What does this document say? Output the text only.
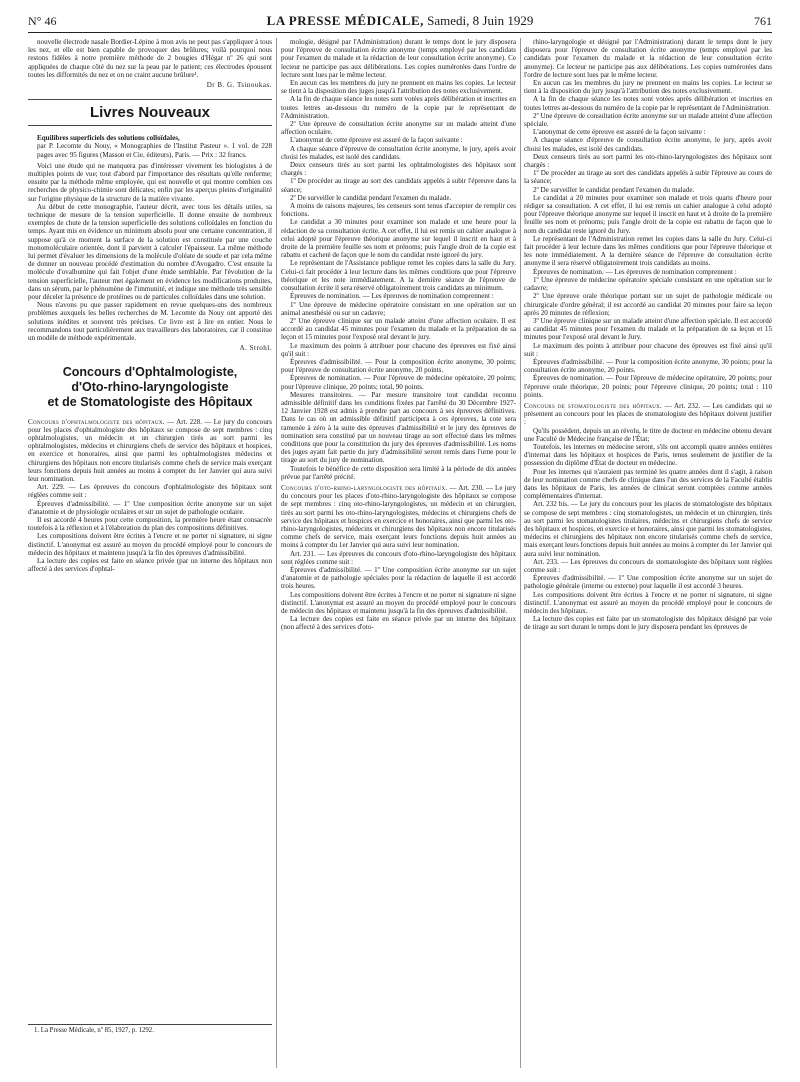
N° 46	LA PRESSE MÉDICALE, Samedi, 8 Juin 1929	761

nouvelle électrode nasale Bordier-Lépine à mon avis ne peut pas s'appliquer à tous les nez, et elle est bien capable de provoquer des brûlures; voilà pourquoi nous restons fidèles à notre première méthode de 2 bougies d'Hégar nº 26 qui sont appliquées de chaque côté du nez sur la peau par le patient; ces électrodes épousent toutes les difformités du nez et on ne craint aucune brûlure¹.

Dr B. G. Tsinoukas.
Livres Nouveaux

Equilibres superficiels des solutions colloïdales,

par P. Lecomte du Nouy, « Monographies de l'Institut Pasteur ». 1 vol. de 228 pages avec 95 figures (Masson et Cie, éditeurs), Paris. — Prix : 32 francs.

Voici une étude qui ne manquera pas d'intéresser vivement les biologistes à de multiples points de vue; tout d'abord par l'importance des résultats qu'elle renferme; ensuite par la méthode même employée, qui est nouvelle et qui montre combien ces recherches de physico-chimie sont délicates; enfin par les aperçus pleins d'originalité sur l'origine physique de la structure de la matière vivante.

Au début de cette monographie, l'auteur décrit, avec tous les détails utiles, sa technique de mesure de la tension superficielle. Il donne ensuite de nombreux exemples de chute de la tension superficielle des solutions colloïdales en fonction du temps. Ayant mis en évidence un minimum absolu pour une certaine concentration, il suppose qu'à ce moment la surface de la solution est constituée par une couche monomoléculaire orientée, dont il parvient à calculer l'épaisseur. La même méthode lui permet d'évaluer les dimensions de la molécule d'oléate de soude et par cela même de donner un nouveau procédé d'estimation du nombre d'Avogadro. C'est ensuite la molécule d'ovalbumine qui fait l'objet d'une étude semblable. Par l'évolution de la tension superficielle, l'auteur met également en évidence les modifications produites, dans un sérum, par le phénomène de l'immunité, et indique une méthode très sensible pour déceler la présence de protéines ou de particules colloïdales dans une solution.

Nous n'avons pu que passer rapidement en revue quelques-uns des nombreux problèmes auxquels les belles recherches de M. Lecomte du Nouy ont apporté des solutions inédites et souvent très précises. Ce livre est à lire en entier. Nous le recommandons tout particulièrement aux travailleurs des laboratoires, car il constitue un modèle de méthode expérimentale.

A. Strohl.
Concours d'Ophtalmologiste,
d'Oto-rhino-laryngologiste
et de Stomatologiste des Hôpitaux

Concours d'ophtalmologiste des hôpitaux. — Art. 228. — Le jury du concours pour les places d'ophtalmologiste des hôpitaux se compose de sept membres : cinq ophtalmologistes, un médecin et un chirurgien tirés au sort parmi les ophtalmologistes, médecins et chirurgiens chefs de service des hôpitaux et hospices, en exercice et honoraires, ainsi que parmi les ophtalmologistes médecins et chirurgiens des hôpitaux non encore titularisés comme chefs de service mais exerçant leurs fonctions depuis huit années au moins à compter du 1er Janvier qui aura suivi leur nomination.

Art. 229. — Les épreuves du concours d'ophtalmologiste des hôpitaux sont réglées comme suit :

Épreuves d'admissibilité. — 1º Une composition écrite anonyme sur un sujet d'anatomie et de physiologie oculaires et sur un sujet de pathologie oculaire.

Il est accordé 4 heures pour cette composition, la première heure étant consacrée toutefois à la réflexion et à l'élaboration du plan des compositions définitives.

Les compositions doivent être écrites à l'encre et ne porter ni signature, ni signe distinctif. L'anonymat est assuré au moyen du procédé employé pour le concours de médecin des hôpitaux et maintenu jusqu'à la fin des épreuves d'admissibilité.

La lecture des copies est faite en séance privée (par un interne des hôpitaux non affecté à des services d'ophtal-

mologie, désigné par l'Administration) durant le temps dont le jury disposera pour l'épreuve de consultation écrite anonyme (temps employé par les candidats pour l'examen du malade et la rédaction de leur consultation écrite anonyme). Ce lecteur ne participe pas aux délibérations. Les copies numérotées dans l'ordre de lecture sont lues par le même lecteur.

En aucun cas les membres du jury ne prennent en mains les copies. Le lecteur se tient à la disposition des juges jusqu'à l'attribution des notes exclusivement.

A la fin de chaque séance les notes sont votées après délibération et inscrites en toutes lettres au-dessous du numéro de la copie par le représentant de l'Administration.

2º Une épreuve de consultation écrite anonyme sur un malade atteint d'une affection oculaire.

L'anonymat de cette épreuve est assuré de la façon suivante :

A chaque séance d'épreuve de consultation écrite anonyme, le jury, après avoir choisi les malades, est isolé des candidats.

Deux censeurs tirés au sort parmi les ophtalmologistes des hôpitaux sont chargés :

1º De procéder au tirage au sort des candidats appelés à subir l'épreuve dans la séance;

2º De surveiller le candidat pendant l'examen du malade.

A moins de raisons majeures, les censeurs sont tenus d'accepter de remplir ces fonctions.

Le candidat a 30 minutes pour examiner son malade et une heure pour la rédaction de sa consultation écrite. A cet effet, il lui est remis un cahier analogue à celui adopté pour l'épreuve théorique anonyme sur lequel il inscrit en haut et à droite de la première feuille ses nom et prénoms; puis l'angle droit de la copie est rabattu et cacheté de façon que le nom du candidat reste ignoré du jury.

Le représentant de l'Assistance publique remet les copies dans la salle du Jury. Celui-ci fait procéder à leur lecture dans les mêmes conditions que pour l'épreuve théorique et les note immédiatement. A la dernière séance de l'épreuve de consultation écrite il sera réservé obligatoirement trois candidats au minimum.

Épreuves de nomination. — Les épreuves de nomination comprennent :

1º Une épreuve de médecine opératoire consistant en une opération sur un animal anesthésié ou sur un cadavre;

2º Une épreuve clinique sur un malade atteint d'une affection oculaire. Il est accordé au candidat 45 minutes pour l'examen du malade et la préparation de sa leçon et 15 minutes pour l'exposé oral devant le jury.

Le maximum des points à attribuer pour chacune des épreuves est fixé ainsi qu'il suit :

Épreuves d'admissibilité. — Pour la composition écrite anonyme, 30 points; pour l'épreuve de consultation écrite anonyme, 20 points.

Épreuves de nomination. — Pour l'épreuve de médecine opératoire, 20 points; pour l'épreuve clinique, 20 points; total, 90 points.

Mesures transitoires. — Par mesure transitoire tout candidat reconnu admissible définitif dans les conditions fixées par l'arrêté du 30 Décembre 1927-12 Janvier 1928 est admis à prendre part au concours à ses épreuves définitives. Dans le cas où un admissible définitif participera à ces épreuves, la cote sera ramenée à zéro à la suite des épreuves d'admissibilité et le jury des épreuves de nomination sera constitué par un nouveau tirage au sort effectué dans les mêmes conditions que pour la constitution du jury des épreuves d'admissibilité. Les noms des juges ayant fait partie du jury d'admissibilité seront remis dans l'urne pour le tirage au sort du jury de nomination.

Toutefois le bénéfice de cette disposition sera limité à la période de dix années prévue par l'arrêté précité.

Concours d'oto-rhino-laryngologiste des hôpitaux. — Art. 230. — Le jury du concours pour les places d'oto-rhino-laryngologiste des hôpitaux se compose de sept membres : cinq oto-rhino-laryngologistes, un médecin et un chirurgien, tirés au sort parmi les oto-rhino-laryngologistes, médecins et chirurgiens chefs de service des hôpitaux et hospices en exercice et honoraires, ainsi que parmi les oto-rhino-laryngologistes, médecins et chirurgiens des hôpitaux non encore titularisés comme chefs de service, mais exerçant leurs fonctions depuis huit années au moins à compter du 1er Janvier qui aura suivi leur nomination.

Art. 231. — Les épreuves du concours d'oto-rhino-laryngologiste des hôpitaux sont réglées comme suit :

Épreuves d'admissibilité. — 1º Une composition écrite anonyme sur un sujet d'anatomie et de pathologie spéciales pour la rédaction de laquelle il est accordé trois heures.

Les compositions doivent être écrites à l'encre et ne porter ni signature ni signe distinctif. L'anonymat est assuré au moyen du procédé employé pour le concours de médecin des hôpitaux et maintenu jusqu'à la fin des épreuves d'admissibilité.

La lecture des copies est faite en séance privée par un interne des hôpitaux (non affecté à des services d'oto-

rhino-laryngologie et désigné par l'Administration) durant le temps dont le jury disposera pour l'épreuve de consultation écrite anonyme (temps employé par les candidats pour l'examen du malade et la rédaction de leur consultation écrite anonyme). Ce lecteur ne participe pas aux délibérations. Les copies numérotées dans l'ordre de lecture sont lues par le même lecteur.

En aucun cas les membres du jury ne prennent en mains les copies. Le lecteur se tient à la disposition du jury jusqu'à l'attribution des notes exclusivement.

A la fin de chaque séance les notes sont votées après délibération et inscrites en toutes lettres au-dessous du numéro de la copie par le représentant de l'Administration.

2º Une épreuve de consultation écrite anonyme sur un malade atteint d'une affection spéciale.

L'anonymat de cette épreuve est assuré de la façon suivante :

A chaque séance d'épreuve de consultation écrite anonyme, le jury, après avoir choisi les malades, est isolé des candidats.

Deux censeurs tirés au sort parmi les oto-rhino-laryngologistes des hôpitaux sont chargés :

1º De procéder au tirage au sort des candidats appelés à subir l'épreuve au cours de la séance;

2º De surveiller le candidat pendant l'examen du malade.

Le candidat a 20 minutes pour examiner son malade et trois quarts d'heure pour rédiger sa consultation. A cet effet, il lui est remis un cahier analogue à celui adopté pour l'épreuve théorique anonyme sur lequel il inscrit en haut et à droite de la première feuille ses nom et prénoms; puis l'angle droit de la copie est rabattu de façon que le nom du candidat reste ignoré du Jury.

Le représentant de l'Administration remet les copies dans la salle du Jury. Celui-ci fait procéder à leur lecture dans les mêmes conditions que pour l'épreuve théorique et les note immédiatement. A la dernière séance de l'épreuve de consultation écrite anonyme il sera réservé obligatoirement trois candidats au moins.

Épreuves de nomination. — Les épreuves de nomination comprennent :

1º Une épreuve de médecine opératoire spéciale consistant en une opération sur le cadavre;

2º Une épreuve orale théorique portant sur un sujet de pathologie médicale ou chirurgicale d'ordre général; il est accordé au candidat 20 minutes pour faire sa leçon après 20 minutes de réflexion;

3º Une épreuve clinique sur un malade atteint d'une affection spéciale. Il est accordé au candidat 45 minutes pour l'examen du malade et la préparation de sa leçon et 15 minutes pour l'exposé oral devant le Jury.

Le maximum des points à attribuer pour chacune des épreuves est fixé ainsi qu'il suit :

Épreuves d'admissibilité. — Pour la composition écrite anonyme, 30 points; pour la consultation écrite anonyme, 20 points.

Épreuves de nomination. — Pour l'épreuve de médecine opératoire, 20 points; pour l'épreuve orale théorique, 20 points; pour l'épreuve clinique, 20 points; total : 110 points.

Concours de stomatologiste des hôpitaux. — Art. 232. — Les candidats qui se présentent au concours pour les places de stomatologiste des hôpitaux doivent justifier :

Qu'ils possèdent, depuis un an révolu, le titre de docteur en médecine obtenu devant une Faculté de Médecine française de l'État;

Toutefois, les internes en médecine seront, s'ils ont accompli quatre années entières d'internat dans les hôpitaux et hospices de Paris, tenus seulement de justifier de la possession du diplôme d'État de docteur en médecine.

Pour les internes qui n'auraient pas terminé les quatre années dont il s'agit, à raison de leur nomination comme chefs de clinique dans l'un des services de la Faculté établis dans les hôpitaux de Paris, les années de clinicat seront comptées comme années complémentaires d'internat.

Art. 232 bis. — Le jury du concours pour les places de stomatologiste des hôpitaux se compose de sept membres : cinq stomatologistes, un médecin et un chirurgien, tirés au sort parmi les stomatologistes titulaires, médecins et chirurgiens chefs de service des hôpitaux et hospices, en exercice et honoraires, ainsi que parmi les stomatologistes, médecins et chirurgiens des hôpitaux non encore titularisés comme chefs de service, mais exerçant leurs fonctions depuis huit années au moins à compter du 1er Janvier qui aura suivi leur nomination.

Art. 233. — Les épreuves du concours de stomatologiste des hôpitaux sont réglées comme suit :

Épreuves d'admissibilité. — 1º Une composition écrite anonyme sur un sujet de pathologie générale (interne ou externe) pour laquelle il est accordé 3 heures.

Les compositions doivent être écrites à l'encre et ne porter ni signature, ni signe distinctif. L'anonymat est assuré au moyen du procédé employé pour le concours de médecin des hôpitaux.

La lecture des copies est faite par un stomatologiste des hôpitaux désigné par voie de tirage au sort durant le temps dont le jury disposera pendant les épreuves de

1. La Presse Médicale, nº 85, 1927, p. 1292.
